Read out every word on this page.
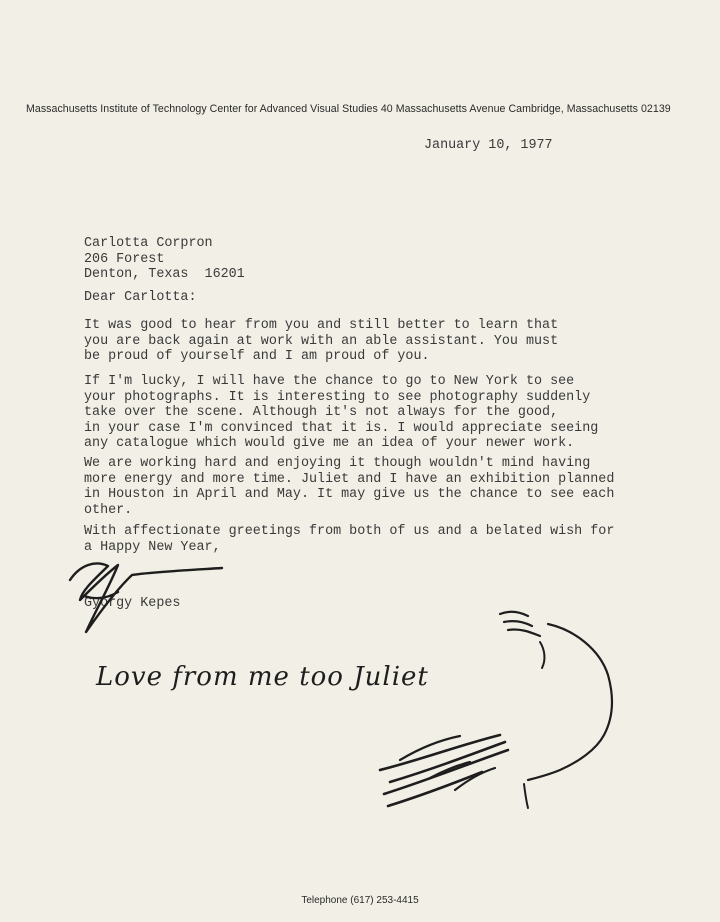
Massachusetts Institute of Technology Center for Advanced Visual Studies 40 Massachusetts Avenue Cambridge, Massachusetts 02139
January 10, 1977
Carlotta Corpron
206 Forest
Denton, Texas  16201
Dear Carlotta:
It was good to hear from you and still better to learn that
you are back again at work with an able assistant. You must
be proud of yourself and I am proud of you.
If I'm lucky, I will have the chance to go to New York to see
your photographs. It is interesting to see photography suddenly
take over the scene. Although it's not always for the good,
in your case I'm convinced that it is. I would appreciate seeing
any catalogue which would give me an idea of your newer work.
We are working hard and enjoying it though wouldn't mind having
more energy and more time. Juliet and I have an exhibition planned
in Houston in April and May. It may give us the chance to see each
other.
With affectionate greetings from both of us and a belated wish for
a Happy New Year,
Gyorgy Kepes
Love from me too Juliet
Telephone (617) 253-4415
